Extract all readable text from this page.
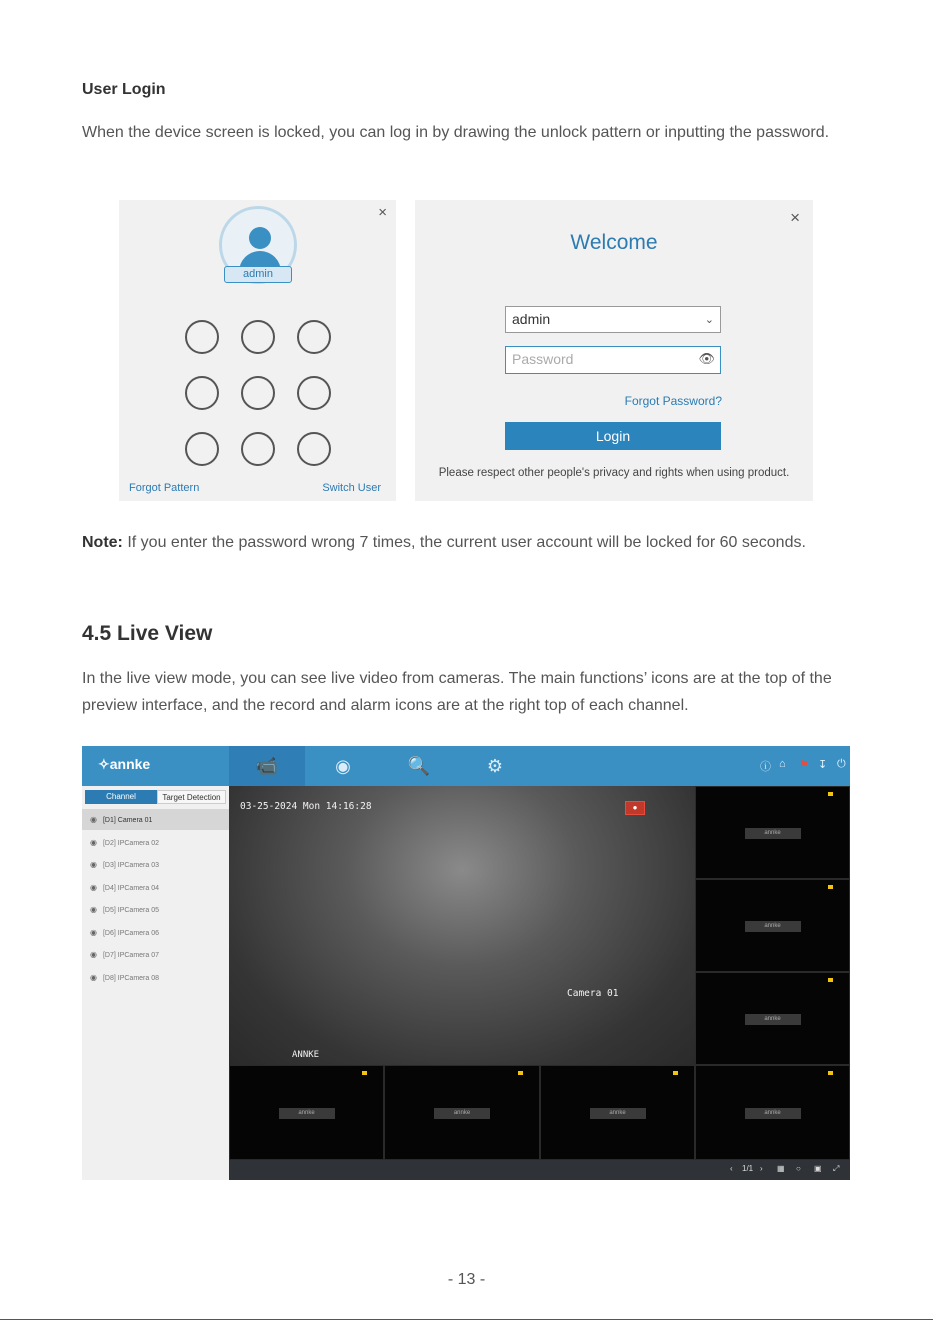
User Login
When the device screen is locked, you can log in by drawing the unlock pattern or inputting the password.
×
admin
Forgot Pattern	Switch User
×
Welcome
admin	⌄
Password	👁
Forgot Password?
Login
Please respect other people's privacy and rights when using product.
Note: If you enter the password wrong 7 times, the current user account will be locked for 60 seconds.
4.5 Live View
In the live view mode, you can see live video from cameras. The main functions’ icons are at the top of the preview interface, and the record and alarm icons are at the right top of each channel.
✧annke	📹	◉	🔍	⚙	ⓘ ⌂ ⚑ ↧ ⏻
Channel	Target Detection
◉ [D1] Camera 01
◉ [D2] IPCamera 02
◉ [D3] IPCamera 03
◉ [D4] IPCamera 04
◉ [D5] IPCamera 05
◉ [D6] IPCamera 06
◉ [D7] IPCamera 07
◉ [D8] IPCamera 08
03-25-2024 Mon 14:16:28	●
Camera 01
ANNKE
annke
annke
annke
annke	annke	annke	annke
‹ 1/1 › ▦ ○ ▣ ⤢
- 13 -
